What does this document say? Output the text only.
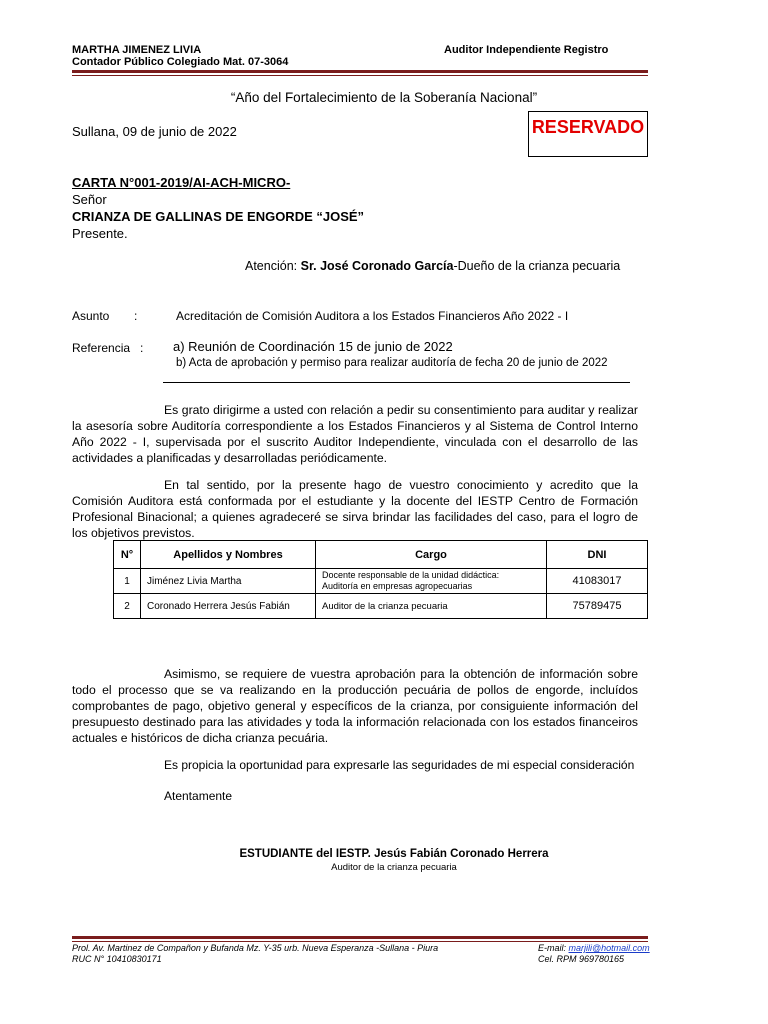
MARTHA JIMENEZ LIVIA
Contador Público Colegiado Mat. 07-3064
Auditor Independiente Registro
“Año del Fortalecimiento de la Soberanía Nacional”
Sullana, 09 de junio de 2022	RESERVADO
CARTA N°001-2019/AI-ACH-MICRO-
Señor
CRIANZA DE GALLINAS DE ENGORDE “JOSÉ”
Presente.
Atención: Sr. José Coronado García-Dueño de la crianza pecuaria
Asunto :	Acreditación de Comisión Auditora a los Estados Financieros Año 2022 - I
Referencia : a) Reunión de Coordinación 15 de junio de 2022
b) Acta de aprobación y permiso para realizar auditoría de fecha 20 de junio de 2022
Es grato dirigirme a usted con relación a pedir su consentimiento para auditar y realizar la asesoría sobre Auditoría correspondiente a los Estados Financieros y al Sistema de Control Interno Año 2022 - I, supervisada por el suscrito Auditor Independiente, vinculada con el desarrollo de las actividades a planificadas y desarrolladas periódicamente.
En tal sentido, por la presente hago de vuestro conocimiento y acredito que la Comisión Auditora está conformada por el estudiante y la docente del IESTP Centro de Formación Profesional Binacional; a quienes agradeceré se sirva brindar las facilidades del caso, para el logro de los objetivos previstos.
N°	Apellidos y Nombres	Cargo	DNI
1	Jiménez Livia Martha	Docente responsable de la unidad didáctica:
Auditoría en empresas agropecuarias	41083017
2	Coronado Herrera Jesús Fabián	Auditor de la crianza pecuaria	75789475
Asimismo, se requiere de vuestra aprobación para la obtención de información sobre todo el processo que se va realizando en la producción pecuária de pollos de engorde, incluídos comprobantes de pago, objetivo general y específicos de la crianza, por consiguiente información del presupuesto destinado para las atividades y toda la información relacionada con los estados financeiros actuales e históricos de dicha crianza pecuária.
Es propicia la oportunidad para expresarle las seguridades de mi especial consideración
Atentamente
ESTUDIANTE del IESTP. Jesús Fabián Coronado Herrera
Auditor de la crianza pecuaria
Prol. Av. Martinez de Compañon y Bufanda Mz. Y-35 urb. Nueva Esperanza -Sullana - Piura
RUC N° 10410830171
E-mail: marjili@hotmail.com
Cel. RPM 969780165
